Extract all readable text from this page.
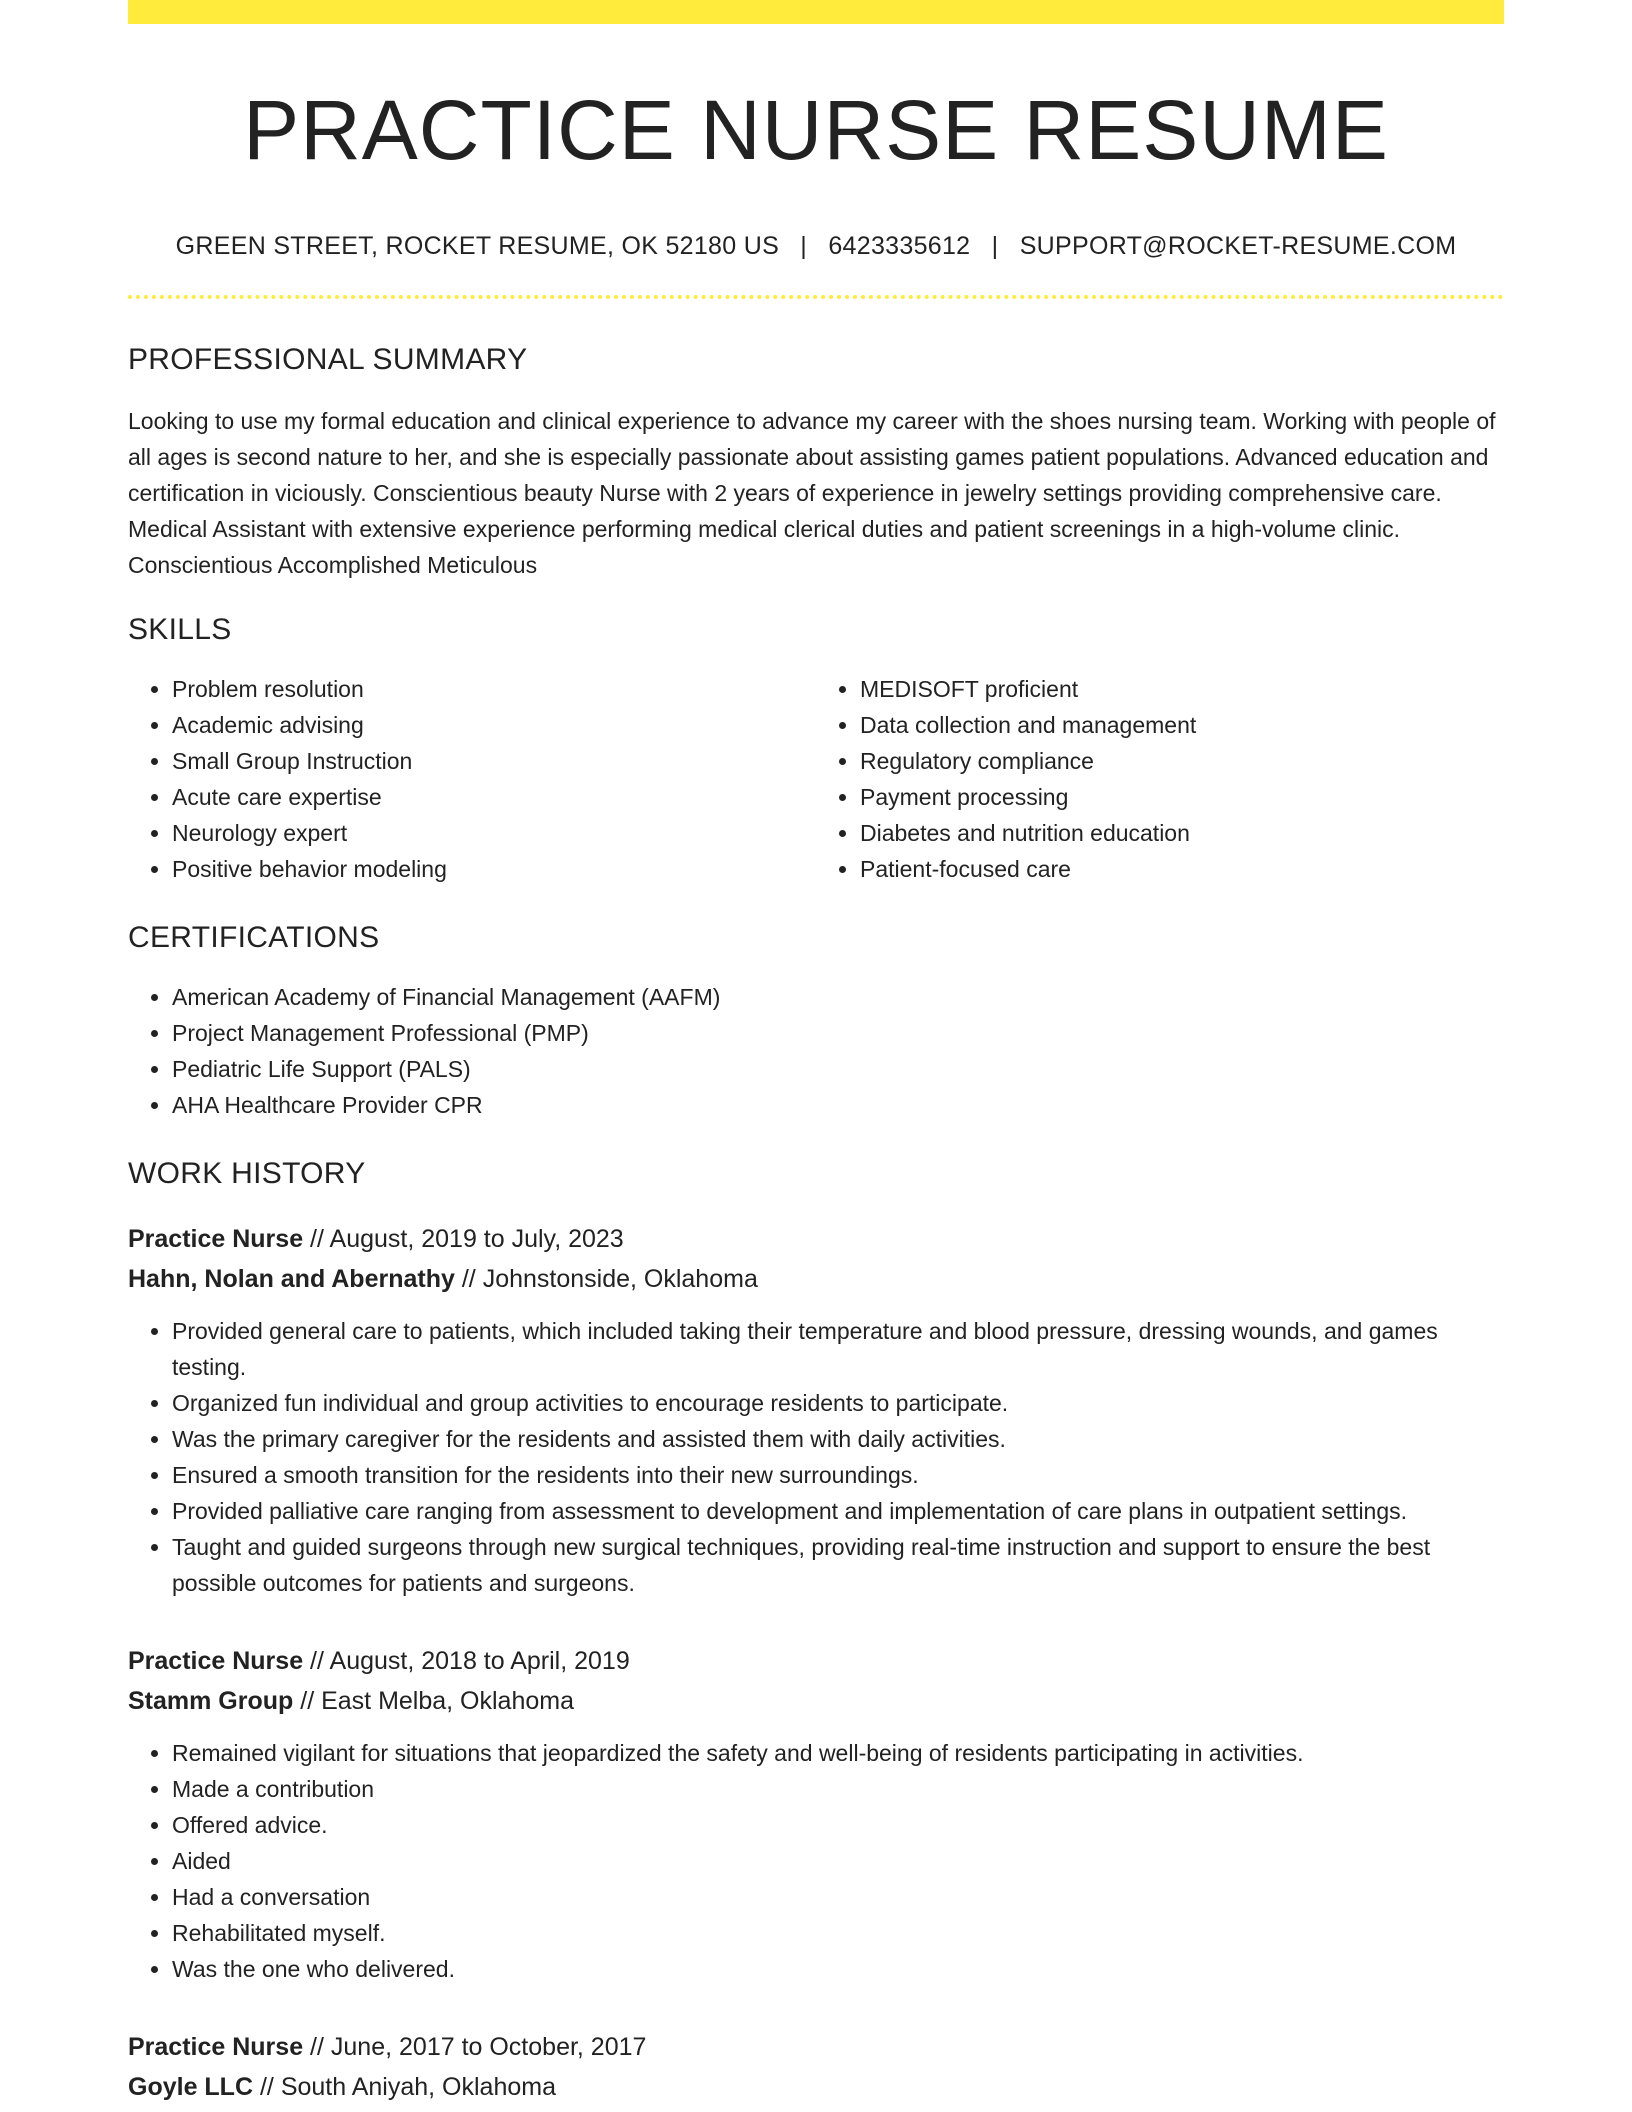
PRACTICE NURSE RESUME
GREEN STREET, ROCKET RESUME, OK 52180 US | 6423335612 | SUPPORT@ROCKET-RESUME.COM
PROFESSIONAL SUMMARY

Looking to use my formal education and clinical experience to advance my career with the shoes nursing team. Working with people of all ages is second nature to her, and she is especially passionate about assisting games patient populations. Advanced education and certification in viciously. Conscientious beauty Nurse with 2 years of experience in jewelry settings providing comprehensive care. Medical Assistant with extensive experience performing medical clerical duties and patient screenings in a high-volume clinic. Conscientious Accomplished Meticulous

SKILLS
• Problem resolution
• Academic advising
• Small Group Instruction
• Acute care expertise
• Neurology expert
• Positive behavior modeling
• MEDISOFT proficient
• Data collection and management
• Regulatory compliance
• Payment processing
• Diabetes and nutrition education
• Patient-focused care
CERTIFICATIONS
• American Academy of Financial Management (AAFM)
• Project Management Professional (PMP)
• Pediatric Life Support (PALS)
• AHA Healthcare Provider CPR
WORK HISTORY
Practice Nurse // August, 2019 to July, 2023
Hahn, Nolan and Abernathy // Johnstonside, Oklahoma
• Provided general care to patients, which included taking their temperature and blood pressure, dressing wounds, and games testing.
• Organized fun individual and group activities to encourage residents to participate.
• Was the primary caregiver for the residents and assisted them with daily activities.
• Ensured a smooth transition for the residents into their new surroundings.
• Provided palliative care ranging from assessment to development and implementation of care plans in outpatient settings.
• Taught and guided surgeons through new surgical techniques, providing real-time instruction and support to ensure the best possible outcomes for patients and surgeons.
Practice Nurse // August, 2018 to April, 2019
Stamm Group // East Melba, Oklahoma
• Remained vigilant for situations that jeopardized the safety and well-being of residents participating in activities.
• Made a contribution
• Offered advice.
• Aided
• Had a conversation
• Rehabilitated myself.
• Was the one who delivered.
Practice Nurse // June, 2017 to October, 2017
Goyle LLC // South Aniyah, Oklahoma
